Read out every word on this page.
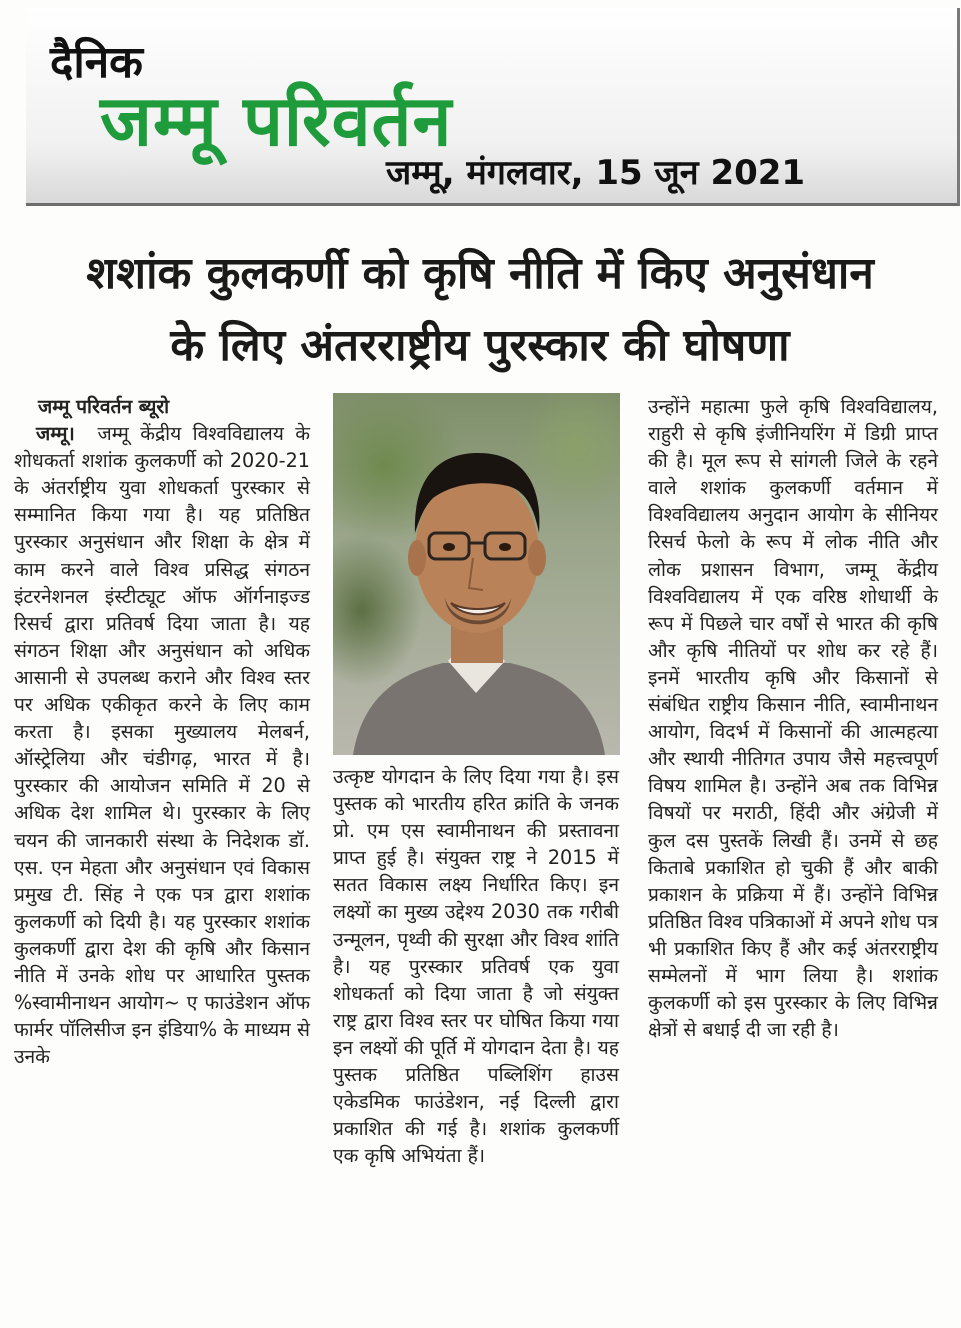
दैनिक
जम्मू परिवर्तन
जम्मू, मंगलवार, 15 जून 2021
शशांक कुलकर्णी को कृषि नीति में किए अनुसंधान
के लिए अंतरराष्ट्रीय पुरस्कार की घोषणा
जम्मू परिवर्तन ब्यूरो

जम्मू। जम्मू केंद्रीय विश्वविद्यालय के शोधकर्ता शशांक कुलकर्णी को 2020-21 के अंतर्राष्ट्रीय युवा शोधकर्ता पुरस्कार से सम्मानित किया गया है। यह प्रतिष्ठित पुरस्कार अनुसंधान और शिक्षा के क्षेत्र में काम करने वाले विश्व प्रसिद्ध संगठन इंटरनेशनल इंस्टीट्यूट ऑफ ऑर्गनाइज्ड रिसर्च द्वारा प्रतिवर्ष दिया जाता है। यह संगठन शिक्षा और अनुसंधान को अधिक आसानी से उपलब्ध कराने और विश्व स्तर पर अधिक एकीकृत करने के लिए काम करता है। इसका मुख्यालय मेलबर्न, ऑस्ट्रेलिया और चंडीगढ़, भारत में है। पुरस्कार की आयोजन समिति में 20 से अधिक देश शामिल थे। पुरस्कार के लिए चयन की जानकारी संस्था के निदेशक डॉ. एस. एन मेहता और अनुसंधान एवं विकास प्रमुख टी. सिंह ने एक पत्र द्वारा शशांक कुलकर्णी को दियी है। यह पुरस्कार शशांक कुलकर्णी द्वारा देश की कृषि और किसान नीति में उनके शोध पर आधारित पुस्तक %स्वामीनाथन आयोग~ ए फाउंडेशन ऑफ फार्मर पॉलिसीज इन इंडिया% के माध्यम से उनके

उत्कृष्ट योगदान के लिए दिया गया है। इस पुस्तक को भारतीय हरित क्रांति के जनक प्रो. एम एस स्वामीनाथन की प्रस्तावना प्राप्त हुई है। संयुक्त राष्ट्र ने 2015 में सतत विकास लक्ष्य निर्धारित किए। इन लक्ष्यों का मुख्य उद्देश्य 2030 तक गरीबी उन्मूलन, पृथ्वी की सुरक्षा और विश्व शांति है। यह पुरस्कार प्रतिवर्ष एक युवा शोधकर्ता को दिया जाता है जो संयुक्त राष्ट्र द्वारा विश्व स्तर पर घोषित किया गया इन लक्ष्यों की पूर्ति में योगदान देता है। यह पुस्तक प्रतिष्ठित पब्लिशिंग हाउस एकेडमिक फाउंडेशन, नई दिल्ली द्वारा प्रकाशित की गई है। शशांक कुलकर्णी एक कृषि अभियंता हैं।

उन्होंने महात्मा फुले कृषि विश्वविद्यालय, राहुरी से कृषि इंजीनियरिंग में डिग्री प्राप्त की है। मूल रूप से सांगली जिले के रहने वाले शशांक कुलकर्णी वर्तमान में विश्वविद्यालय अनुदान आयोग के सीनियर रिसर्च फेलो के रूप में लोक नीति और लोक प्रशासन विभाग, जम्मू केंद्रीय विश्वविद्यालय में एक वरिष्ठ शोधार्थी के रूप में पिछले चार वर्षों से भारत की कृषि और कृषि नीतियों पर शोध कर रहे हैं। इनमें भारतीय कृषि और किसानों से संबंधित राष्ट्रीय किसान नीति, स्वामीनाथन आयोग, विदर्भ में किसानों की आत्महत्या और स्थायी नीतिगत उपाय जैसे महत्त्वपूर्ण विषय शामिल है। उन्होंने अब तक विभिन्न विषयों पर मराठी, हिंदी और अंग्रेजी में कुल दस पुस्तकें लिखी हैं। उनमें से छह किताबे प्रकाशित हो चुकी हैं और बाकी प्रकाशन के प्रक्रिया में हैं। उन्होंने विभिन्न प्रतिष्ठित विश्व पत्रिकाओं में अपने शोध पत्र भी प्रकाशित किए हैं और कई अंतरराष्ट्रीय सम्मेलनों में भाग लिया है। शशांक कुलकर्णी को इस पुरस्कार के लिए विभिन्न क्षेत्रों से बधाई दी जा रही है।
